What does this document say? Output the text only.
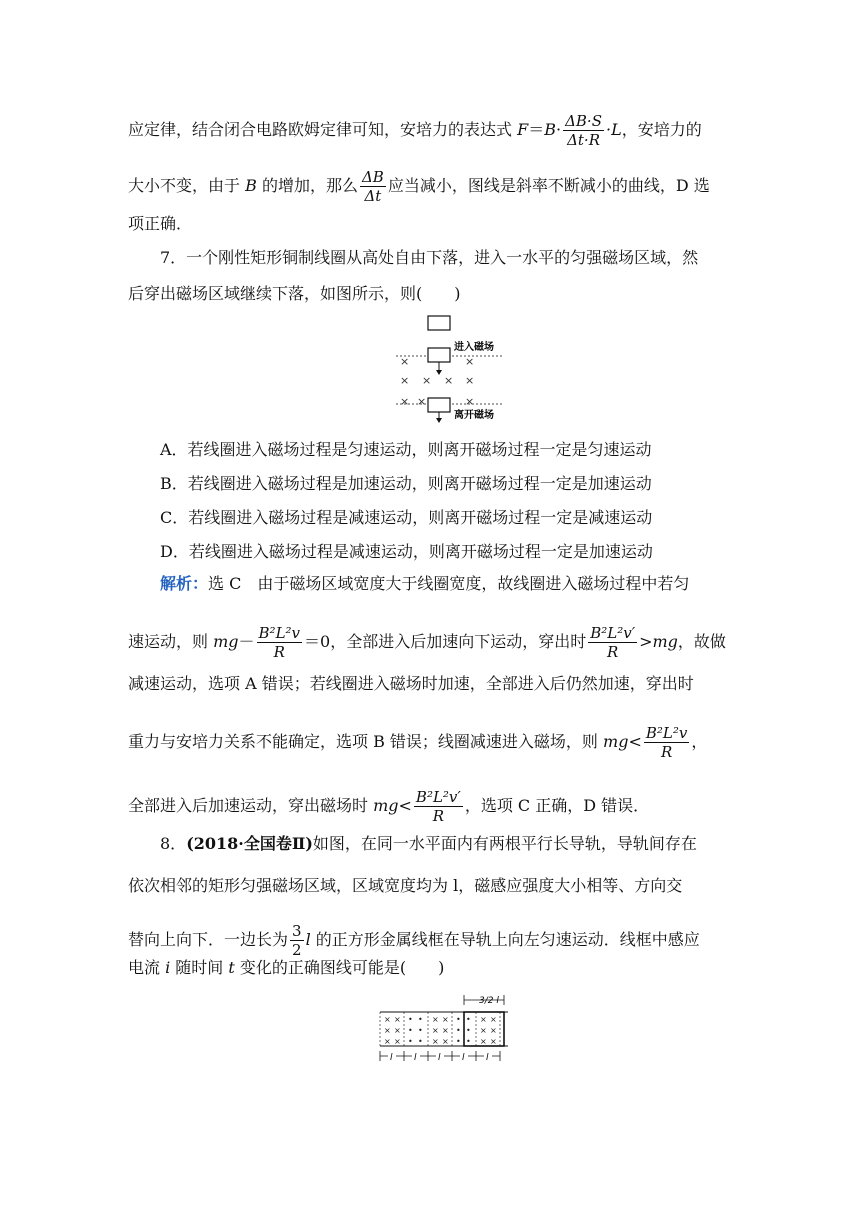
应定律，结合闭合电路欧姆定律可知，安培力的表达式 $F=B\cdot \frac{\Delta B\cdot S}{\Delta t\cdot R} \cdot L$，安培力的
大小不变，由于 B 的增加，那么 $\frac{\Delta B}{\Delta t}$ 应当减小，图线是斜率不断减小的曲线，D 选
项正确．
7．一个刚性矩形铜制线圈从高处自由下落，进入一水平的匀强磁场区域，然
后穿出磁场区域继续下落，如图所示，则(　　)
进入磁场
×	×
× × × ×
× ×	×
离开磁场
A．若线圈进入磁场过程是匀速运动，则离开磁场过程一定是匀速运动
B．若线圈进入磁场过程是加速运动，则离开磁场过程一定是加速运动
C．若线圈进入磁场过程是减速运动，则离开磁场过程一定是减速运动
D．若线圈进入磁场过程是减速运动，则离开磁场过程一定是加速运动
解析：选 C　由于磁场区域宽度大于线圈宽度，故线圈进入磁场过程中若匀
速运动，则 $mg- \frac{\text{B²L²v}}{R} =0$，全部进入后加速向下运动，穿出时 $\frac{\text{B²L²v′}}{R} >mg$，故做
减速运动，选项 A 错误；若线圈进入磁场时加速，全部进入后仍然加速，穿出时
重力与安培力关系不能确定，选项 B 错误；线圈减速进入磁场，则 $mg< \frac{\text{B²L²v}}{R}$ ，
全部进入后加速运动，穿出磁场时 $mg< \frac{\text{B²L²v′}}{R}$ ，选项 C 正确，D 错误．
8．(2018·全国卷Ⅱ)如图，在同一水平面内有两根平行长导轨，导轨间存在
依次相邻的矩形匀强磁场区域，区域宽度均为 l，磁感应强度大小相等、方向交
替向上向下．一边长为 $\frac{3}{2}$ l 的正方形金属线框在导轨上向左匀速运动．线框中感应
电流 i 随时间 t 变化的正确图线可能是(　　)
3/2 l
× ×
× ×
× ×
• •
• •
• •
× ×
× ×
× ×
• •
• •
• •
× ×
× ×
× ×
l l l l l
